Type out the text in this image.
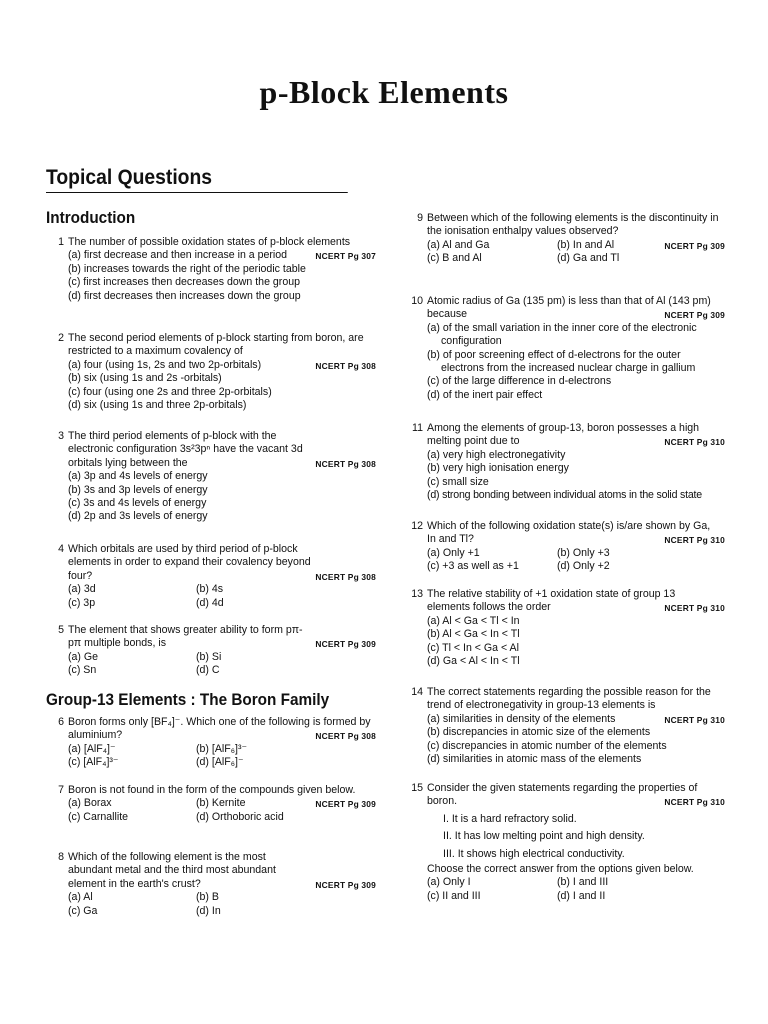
p-Block Elements
Topical Questions
Introduction
1 The number of possible oxidation states of p-block elements
NCERT Pg 307
(a) first decrease and then increase in a period
(b) increases towards the right of the periodic table
(c) first increases then decreases down the group
(d) first decreases then increases down the group
2 The second period elements of p-block starting from boron, are restricted to a maximum covalency of
NCERT Pg 308
(a) four (using 1s, 2s and two 2p-orbitals)
(b) six (using 1s and 2s -orbitals)
(c) four (using one 2s and three 2p-orbitals)
(d) six (using 1s and three 2p-orbitals)
3 The third period elements of p-block with the electronic configuration 3s²3pⁿ have the vacant 3d orbitals lying between the	NCERT Pg 308
(a) 3p and 4s levels of energy
(b) 3s and 3p levels of energy
(c) 3s and 4s levels of energy
(d) 2p and 3s levels of energy
4 Which orbitals are used by third period of p-block elements in order to expand their covalency beyond four?	NCERT Pg 308
(a) 3d	(b) 4s
(c) 3p	(d) 4d
5 The element that shows greater ability to form pπ-pπ multiple bonds, is	NCERT Pg 309
(a) Ge	(b) Si
(c) Sn	(d) C
Group-13 Elements : The Boron Family
6 Boron forms only [BF₄]⁻. Which one of the following is formed by aluminium?	NCERT Pg 308
(a) [AlF₄]⁻	(b) [AlF₆]³⁻
(c) [AlF₄]³⁻	(d) [AlF₆]⁻
7 Boron is not found in the form of the compounds given below.
NCERT Pg 309
(a) Borax	(b) Kernite
(c) Carnallite	(d) Orthoboric acid
8 Which of the following element is the most abundant metal and the third most abundant element in the earth's crust?	NCERT Pg 309
(a) Al	(b) B
(c) Ga	(d) In
9 Between which of the following elements is the discontinuity in the ionisation enthalpy values observed?
NCERT Pg 309
(a) Al and Ga	(b) In and Al
(c) B and Al	(d) Ga and Tl
10 Atomic radius of Ga (135 pm) is less than that of Al (143 pm) because	NCERT Pg 309
(a) of the small variation in the inner core of the electronic configuration
(b) of poor screening effect of d-electrons for the outer electrons from the increased nuclear charge in gallium
(c) of the large difference in d-electrons
(d) of the inert pair effect
11 Among the elements of group-13, boron possesses a high melting point due to	NCERT Pg 310
(a) very high electronegativity
(b) very high ionisation energy
(c) small size
(d) strong bonding between individual atoms in the solid state
12 Which of the following oxidation state(s) is/are shown by Ga, In and Tl?	NCERT Pg 310
(a) Only +1	(b) Only +3
(c) +3 as well as +1	(d) Only +2
13 The relative stability of +1 oxidation state of group 13 elements follows the order	NCERT Pg 310
(a) Al < Ga < Tl < In
(b) Al < Ga < In < Tl
(c) Tl < In < Ga < Al
(d) Ga < Al < In < Tl
14 The correct statements regarding the possible reason for the trend of electronegativity in group-13 elements is
NCERT Pg 310
(a) similarities in density of the elements
(b) discrepancies in atomic size of the elements
(c) discrepancies in atomic number of the elements
(d) similarities in atomic mass of the elements
15 Consider the given statements regarding the properties of boron.	NCERT Pg 310
I. It is a hard refractory solid.
II. It has low melting point and high density.
III. It shows high electrical conductivity.
Choose the correct answer from the options given below.
(a) Only I	(b) I and III
(c) II and III	(d) I and II
